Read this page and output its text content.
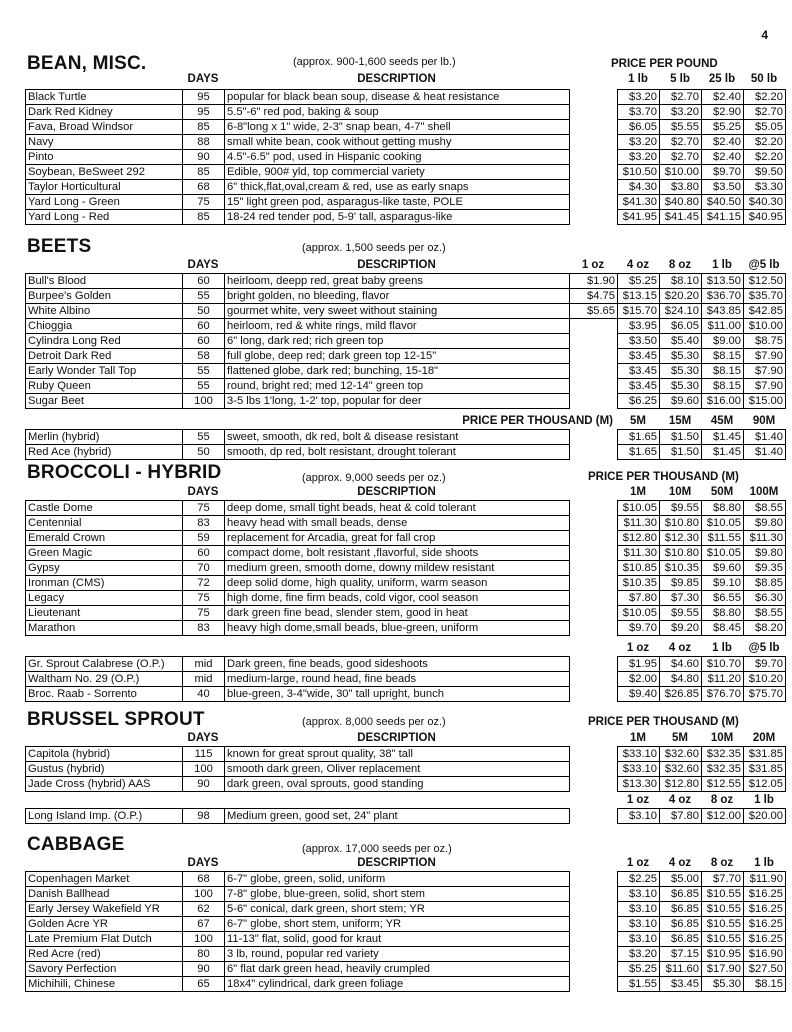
4
BEAN, MISC.	(approx. 900-1,600 seeds per lb.)	PRICE PER POUND
DAYS	DESCRIPTION	1 lb	5 lb	25 lb	50 lb
Black Turtle	95	popular for black bean soup, disease & heat resistance		$3.20	$2.70	$2.40	$2.20
Dark Red Kidney	95	5.5"-6" red pod, baking & soup		$3.70	$3.20	$2.90	$2.70
Fava, Broad Windsor	85	6-8"long x 1" wide, 2-3" snap bean, 4-7" shell		$6.05	$5.55	$5.25	$5.05
Navy	88	small white bean, cook without getting mushy		$3.20	$2.70	$2.40	$2.20
Pinto	90	4.5"-6.5" pod, used in Hispanic cooking		$3.20	$2.70	$2.40	$2.20
Soybean, BeSweet 292	85	Edible, 900# yld, top commercial variety		$10.50	$10.00	$9.70	$9.50
Taylor Horticultural	68	6" thick,flat,oval,cream & red, use as early snaps		$4.30	$3.80	$3.50	$3.30
Yard Long - Green	75	15" light green pod, asparagus-like taste, POLE		$41.30	$40.80	$40.50	$40.30
Yard Long - Red	85	18-24 red tender pod, 5-9' tall, asparagus-like		$41.95	$41.45	$41.15	$40.95
BEETS	(approx. 1,500 seeds per oz.)
DAYS	DESCRIPTION	1 oz	4 oz	8 oz	1 lb	@5 lb
Bull's Blood	60	heirloom, deepp red, great baby greens	$1.90	$5.25	$8.10	$13.50	$12.50
Burpee's Golden	55	bright golden, no bleeding, flavor	$4.75	$13.15	$20.20	$36.70	$35.70
White Albino	50	gourmet white, very sweet without staining	$5.65	$15.70	$24.10	$43.85	$42.85
Chioggia	60	heirloom, red & white rings, mild flavor		$3.95	$6.05	$11.00	$10.00
Cylindra Long Red	60	6" long, dark red; rich green top		$3.50	$5.40	$9.00	$8.75
Detroit Dark Red	58	full globe, deep red; dark green top 12-15"		$3.45	$5.30	$8.15	$7.90
Early Wonder Tall Top	55	flattened globe, dark red; bunching, 15-18"		$3.45	$5.30	$8.15	$7.90
Ruby Queen	55	round, bright red; med 12-14" green top		$3.45	$5.30	$8.15	$7.90
Sugar Beet	100	3-5 lbs 1'long, 1-2' top, popular for deer		$6.25	$9.60	$16.00	$15.00
PRICE PER THOUSAND (M)	5M	15M	45M	90M
Merlin (hybrid)	55	sweet, smooth, dk red, bolt & disease resistant		$1.65	$1.50	$1.45	$1.40
Red Ace (hybrid)	50	smooth, dp red, bolt resistant, drought tolerant		$1.65	$1.50	$1.45	$1.40
BROCCOLI - HYBRID	(approx. 9,000 seeds per oz.)	PRICE PER THOUSAND (M)
DAYS	DESCRIPTION	1M	10M	50M	100M
Castle Dome	75	deep dome, small tight beads, heat & cold tolerant		$10.05	$9.55	$8.80	$8.55
Centennial	83	heavy head with small beads, dense		$11.30	$10.80	$10.05	$9.80
Emerald Crown	59	replacement for Arcadia, great for fall crop		$12.80	$12.30	$11.55	$11.30
Green Magic	60	compact dome, bolt resistant ,flavorful, side shoots		$11.30	$10.80	$10.05	$9.80
Gypsy	70	medium green, smooth dome, downy mildew resistant		$10.85	$10.35	$9.60	$9.35
Ironman (CMS)	72	deep solid dome, high quality, uniform, warm season		$10.35	$9.85	$9.10	$8.85
Legacy	75	high dome, fine firm beads, cold vigor, cool season		$7.80	$7.30	$6.55	$6.30
Lieutenant	75	dark green fine bead, slender stem, good in heat		$10.05	$9.55	$8.80	$8.55
Marathon	83	heavy high dome,small beads, blue-green, uniform		$9.70	$9.20	$8.45	$8.20
1 oz	4 oz	1 lb	@5 lb
Gr. Sprout Calabrese (O.P.)	mid	Dark green, fine beads, good sideshoots		$1.95	$4.60	$10.70	$9.70
Waltham No. 29 (O.P.)	mid	medium-large, round head, fine beads		$2.00	$4.80	$11.20	$10.20
Broc. Raab - Sorrento	40	blue-green, 3-4"wide, 30" tall upright, bunch		$9.40	$26.85	$76.70	$75.70
BRUSSEL SPROUT	(approx. 8,000 seeds per oz.)	PRICE PER THOUSAND (M)
DAYS	DESCRIPTION	1M	5M	10M	20M
Capitola (hybrid)	115	known for great sprout quality, 38" tall		$33.10	$32.60	$32.35	$31.85
Gustus (hybrid)	100	smooth dark green, Oliver replacement		$33.10	$32.60	$32.35	$31.85
Jade Cross (hybrid) AAS	90	dark green, oval sprouts, good standing		$13.30	$12.80	$12.55	$12.05
1 oz	4 oz	8 oz	1 lb
Long Island Imp. (O.P.)	98	Medium green, good set, 24" plant		$3.10	$7.80	$12.00	$20.00
CABBAGE	(approx. 17,000 seeds per oz.)
DAYS	DESCRIPTION	1 oz	4 oz	8 oz	1 lb
Copenhagen Market	68	6-7" globe, green, solid, uniform		$2.25	$5.00	$7.70	$11.90
Danish Ballhead	100	7-8" globe, blue-green, solid, short stem		$3.10	$6.85	$10.55	$16.25
Early Jersey Wakefield YR	62	5-6" conical, dark green, short stem; YR		$3.10	$6.85	$10.55	$16.25
Golden Acre YR	67	6-7" globe, short stem, uniform; YR		$3.10	$6.85	$10.55	$16.25
Late Premium Flat Dutch	100	11-13" flat, solid, good for kraut		$3.10	$6.85	$10.55	$16.25
Red Acre (red)	80	3 lb, round, popular red variety		$3.20	$7.15	$10.95	$16.90
Savory Perfection	90	6" flat dark green head, heavily crumpled		$5.25	$11.60	$17.90	$27.50
Michihili, Chinese	65	18x4" cylindrical, dark green foliage		$1.55	$3.45	$5.30	$8.15
